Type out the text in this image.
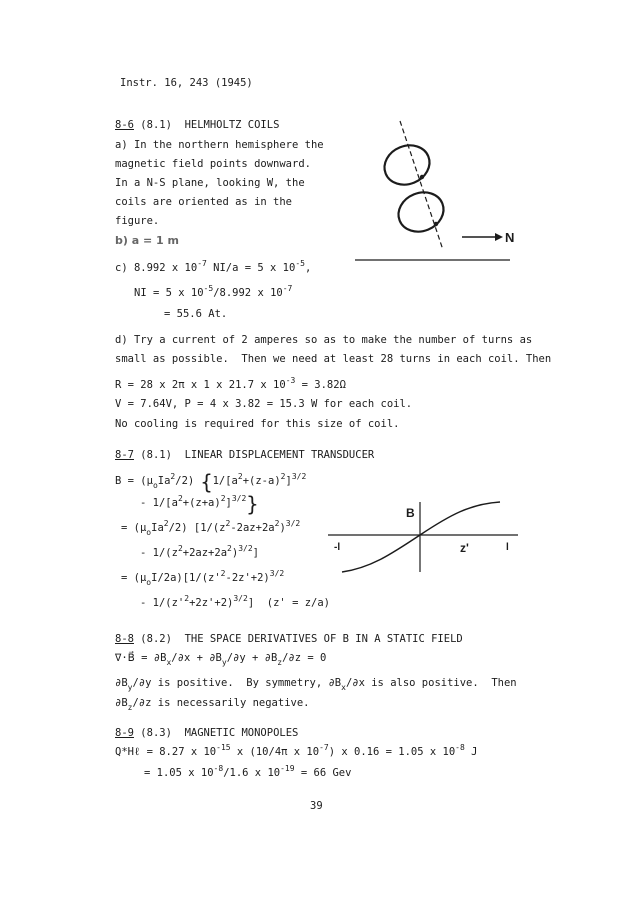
Instr. 16, 243 (1945)
8-6 (8.1) HELMHOLTZ COILS
a) In the northern hemisphere the
magnetic field points downward.
In a N-S plane, looking W, the
coils are oriented as in the
figure.
b) a = 1 m
c) 8.992 x $10^{-7}$ NI/a = 5 x $10^{-5}$,
NI = 5 x $10^{-5}/8.992$ x $10^{-7}$
= 55.6 At.
d) Try a current of 2 amperes so as to make the number of turns as
small as possible.  Then we need at least 28 turns in each coil. Then
R = 28 x 2π x 1 x 21.7 x $10^{-3} = 3.82\Omega$
V = 7.64V, P = 4 x 3.82 = 15.3 W for each coil.
No cooling is required for this size of coil.
N
8-7 (8.1) LINEAR DISPLACEMENT TRANSDUCER
$B = (\mu_oIa^2/2)$ {$1/[a^2+(z-a)^2]^{3/2}$
- $1/[a^2+(z+a)^2]^{3/2}$}
= $(\mu_oIa^2/2)$ [$1/(z^2-2az+2a^2)^{3/2}$
- $1/(z^2+2az+2a^2)^{3/2}$]
= $(\mu_oI/2a)[1/(z'^2-2z'+2)^{3/2}$
- $1/(z'^2+2z'+2)^{3/2}$]  (z' = z/a)
B
z'
-l	l
8-8 (8.2) THE SPACE DERIVATIVES OF B IN A STATIC FIELD
∇·B⃗ = $\partial B_x/\partial x + \partial B_y/\partial y + \partial B_z/\partial z = 0$
$\partial B_y/\partial y$ is positive.  By symmetry, $\partial B_x/\partial x$ is also positive.  Then
$\partial B_z/\partial z$ is necessarily negative.
8-9 (8.3) MAGNETIC MONOPOLES
Q*Hℓ = 8.27 x $10^{-15}$ x (10/4π x $10^{-7}$) x 0.16 = 1.05 x $10^{-8}$ J
= 1.05 x $10^{-8}/1.6$ x $10^{-19} = 66$ Gev
39
